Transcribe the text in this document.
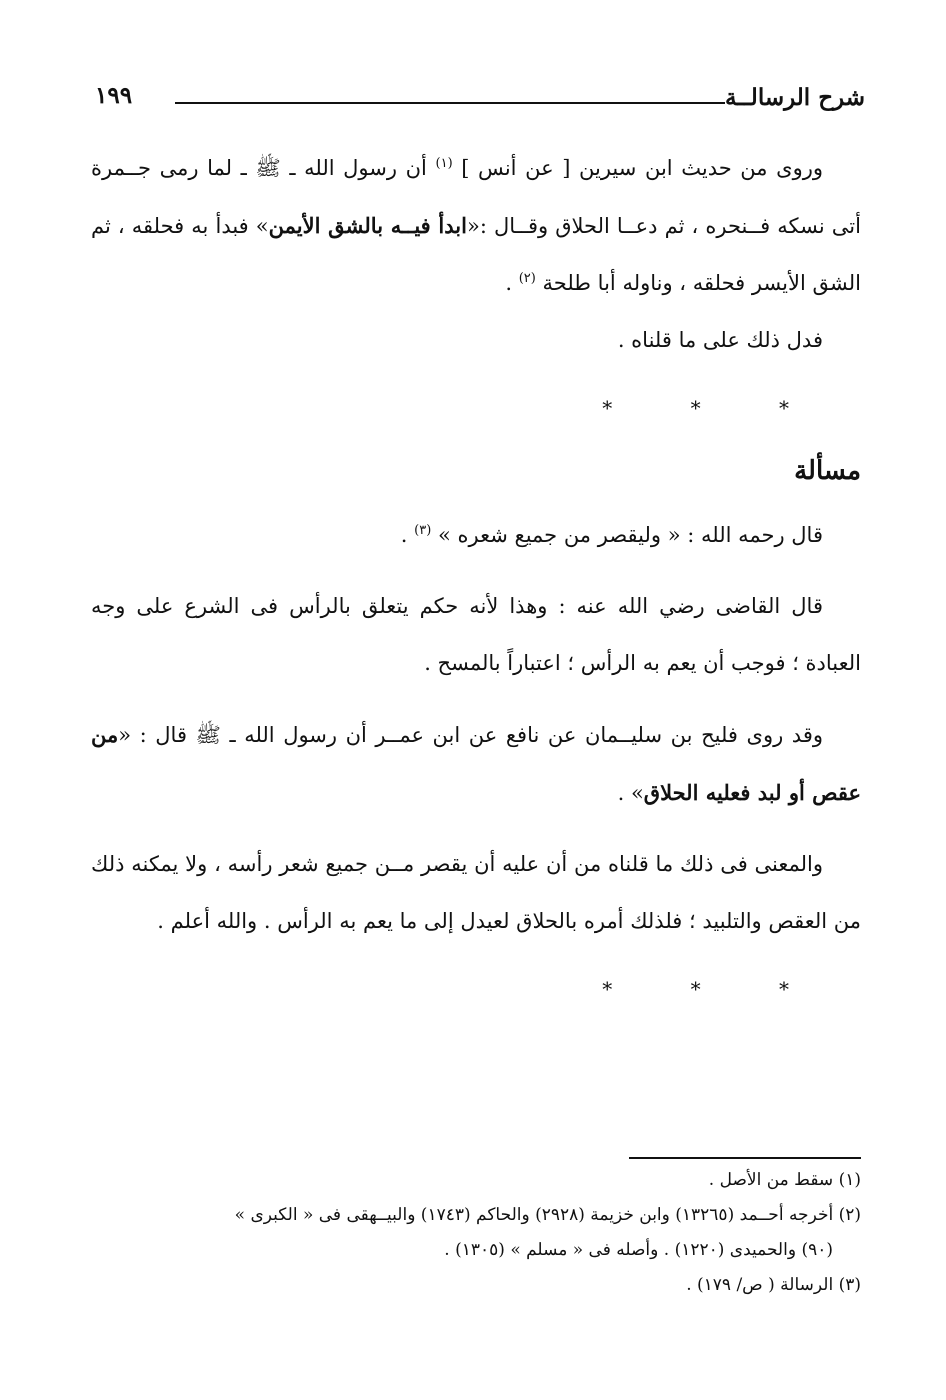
شرح الرسالــة
١٩٩

وروى من حديث ابن سيرين [ عن أنس ] $^{(١)}$ أن رسول الله ـ ﷺ ـ لما رمى جــمرة أتى نسكه فــنحره ، ثم دعــا الحلاق وقــال :«ابدأ فيــه بالشق الأيمن» فبدأ به فحلقه ، ثم الشق الأيسر فحلقه ، وناوله أبا طلحة $^{(٢)}$ .

فدل ذلك على ما قلناه .

* * *
مسألة

قال رحمه الله : « وليقصر من جميع شعره » $^{(٣)}$ .

قال القاضى رضي الله عنه : وهذا لأنه حكم يتعلق بالرأس فى الشرع على وجه العبادة ؛ فوجب أن يعم به الرأس ؛ اعتباراً بالمسح .

وقد روى فليح بن سليــمان عن نافع عن ابن عمــر أن رسول الله ـ ﷺ قال : «من عقص أو لبد فعليه الحلاق» .

والمعنى فى ذلك ما قلناه من أن عليه أن يقصر مــن جميع شعر رأسه ، ولا يمكنه ذلك من العقص والتلبيد ؛ فلذلك أمره بالحلاق لعيدل إلى ما يعم به الرأس . والله أعلم .

* * *

(١) سقط من الأصل .

(٢) أخرجه أحــمد (١٣٢٦٥) وابن خزيمة (٢٩٢٨) والحاكم (١٧٤٣) والبيــهقى فى « الكبرى »

(٩٠) والحميدى (١٢٢٠) . وأصله فى « مسلم » (١٣٠٥) .

(٣) الرسالة ( ص/ ١٧٩) .
